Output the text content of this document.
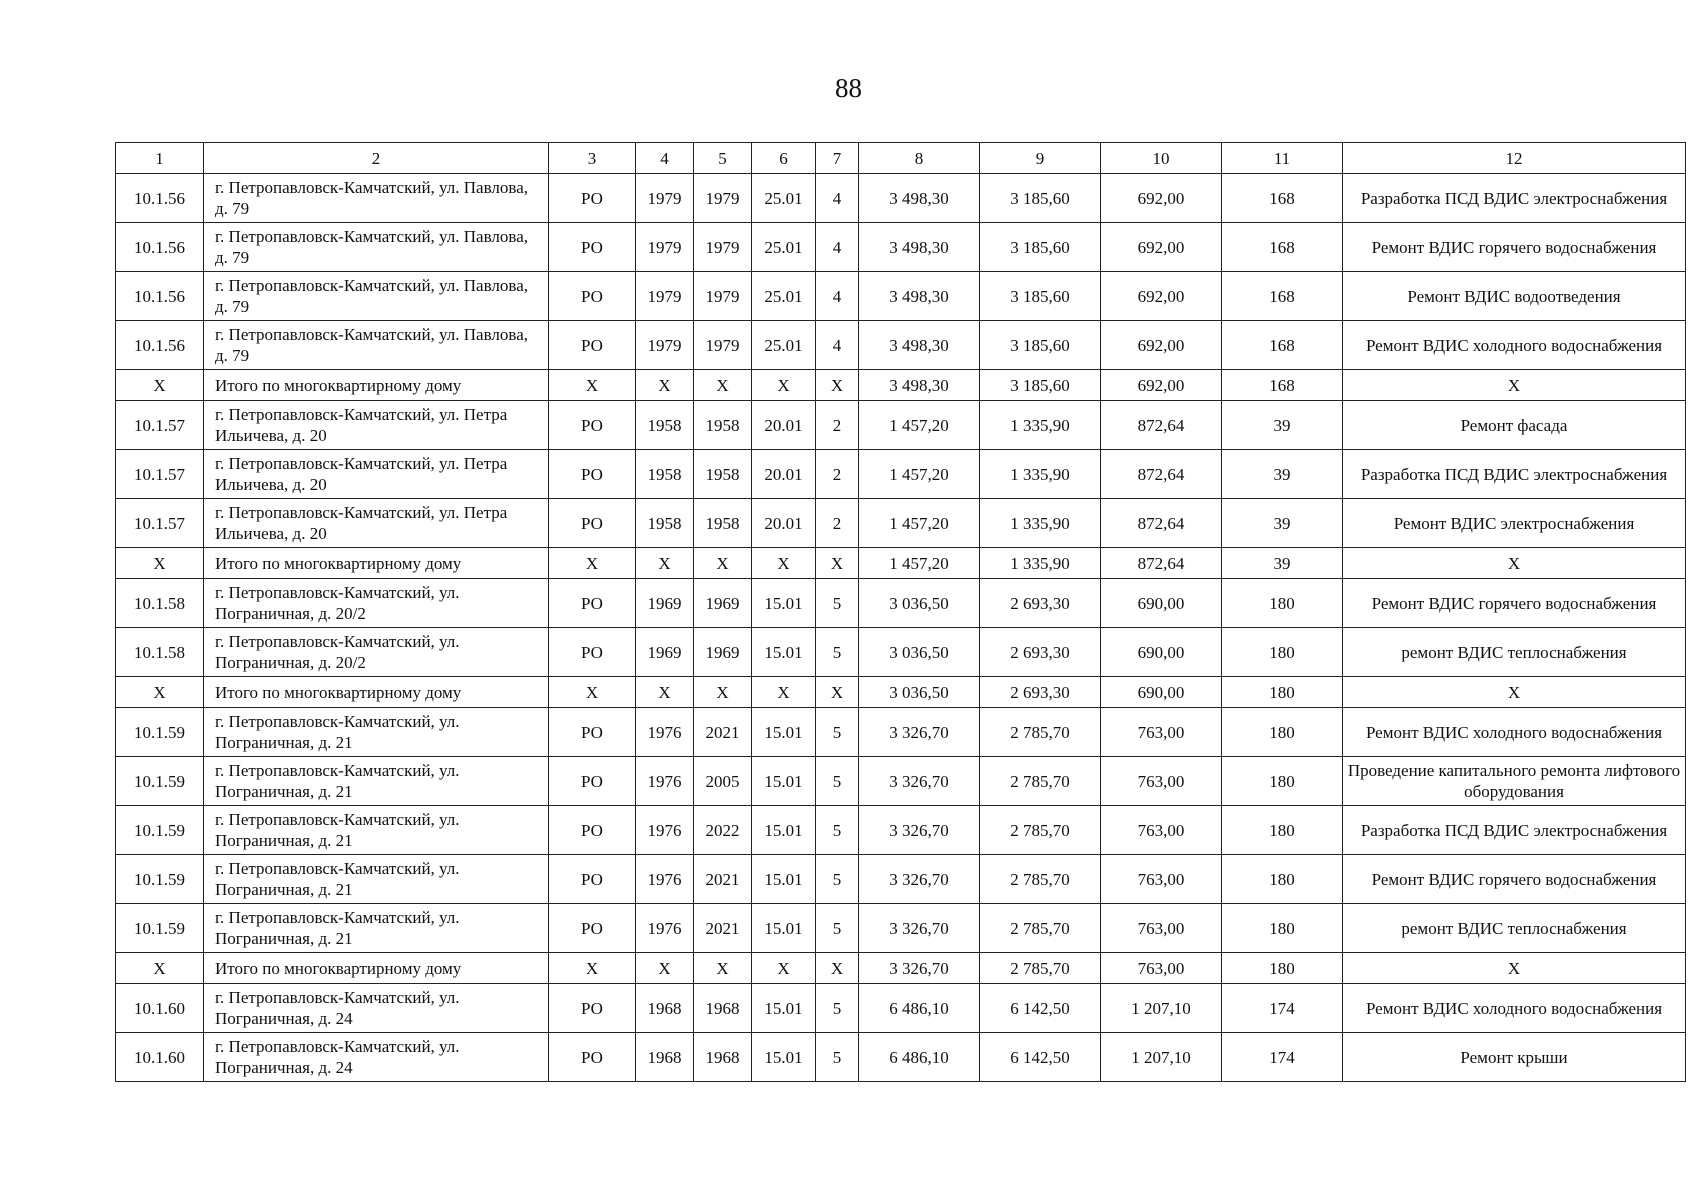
88
1	2	3	4	5	6	7	8	9	10	11	12
10.1.56	г. Петропавловск-Камчатский, ул. Павлова, д. 79	РО	1979	1979	25.01	4	3 498,30	3 185,60	692,00	168	Разработка ПСД ВДИС электроснабжения
10.1.56	г. Петропавловск-Камчатский, ул. Павлова, д. 79	РО	1979	1979	25.01	4	3 498,30	3 185,60	692,00	168	Ремонт ВДИС горячего водоснабжения
10.1.56	г. Петропавловск-Камчатский, ул. Павлова, д. 79	РО	1979	1979	25.01	4	3 498,30	3 185,60	692,00	168	Ремонт ВДИС водоотведения
10.1.56	г. Петропавловск-Камчатский, ул. Павлова, д. 79	РО	1979	1979	25.01	4	3 498,30	3 185,60	692,00	168	Ремонт ВДИС холодного водоснабжения
Х	Итого по многоквартирному дому	Х	Х	Х	Х	Х	3 498,30	3 185,60	692,00	168	Х
10.1.57	г. Петропавловск-Камчатский, ул. Петра Ильичева, д. 20	РО	1958	1958	20.01	2	1 457,20	1 335,90	872,64	39	Ремонт фасада
10.1.57	г. Петропавловск-Камчатский, ул. Петра Ильичева, д. 20	РО	1958	1958	20.01	2	1 457,20	1 335,90	872,64	39	Разработка ПСД ВДИС электроснабжения
10.1.57	г. Петропавловск-Камчатский, ул. Петра Ильичева, д. 20	РО	1958	1958	20.01	2	1 457,20	1 335,90	872,64	39	Ремонт ВДИС электроснабжения
Х	Итого по многоквартирному дому	Х	Х	Х	Х	Х	1 457,20	1 335,90	872,64	39	Х
10.1.58	г. Петропавловск-Камчатский, ул. Пограничная, д. 20/2	РО	1969	1969	15.01	5	3 036,50	2 693,30	690,00	180	Ремонт ВДИС горячего водоснабжения
10.1.58	г. Петропавловск-Камчатский, ул. Пограничная, д. 20/2	РО	1969	1969	15.01	5	3 036,50	2 693,30	690,00	180	ремонт ВДИС теплоснабжения
Х	Итого по многоквартирному дому	Х	Х	Х	Х	Х	3 036,50	2 693,30	690,00	180	Х
10.1.59	г. Петропавловск-Камчатский, ул. Пограничная, д. 21	РО	1976	2021	15.01	5	3 326,70	2 785,70	763,00	180	Ремонт ВДИС холодного водоснабжения
10.1.59	г. Петропавловск-Камчатский, ул. Пограничная, д. 21	РО	1976	2005	15.01	5	3 326,70	2 785,70	763,00	180	Проведение капитального ремонта лифтового оборудования
10.1.59	г. Петропавловск-Камчатский, ул. Пограничная, д. 21	РО	1976	2022	15.01	5	3 326,70	2 785,70	763,00	180	Разработка ПСД ВДИС электроснабжения
10.1.59	г. Петропавловск-Камчатский, ул. Пограничная, д. 21	РО	1976	2021	15.01	5	3 326,70	2 785,70	763,00	180	Ремонт ВДИС горячего водоснабжения
10.1.59	г. Петропавловск-Камчатский, ул. Пограничная, д. 21	РО	1976	2021	15.01	5	3 326,70	2 785,70	763,00	180	ремонт ВДИС теплоснабжения
Х	Итого по многоквартирному дому	Х	Х	Х	Х	Х	3 326,70	2 785,70	763,00	180	Х
10.1.60	г. Петропавловск-Камчатский, ул. Пограничная, д. 24	РО	1968	1968	15.01	5	6 486,10	6 142,50	1 207,10	174	Ремонт ВДИС холодного водоснабжения
10.1.60	г. Петропавловск-Камчатский, ул. Пограничная, д. 24	РО	1968	1968	15.01	5	6 486,10	6 142,50	1 207,10	174	Ремонт крыши
